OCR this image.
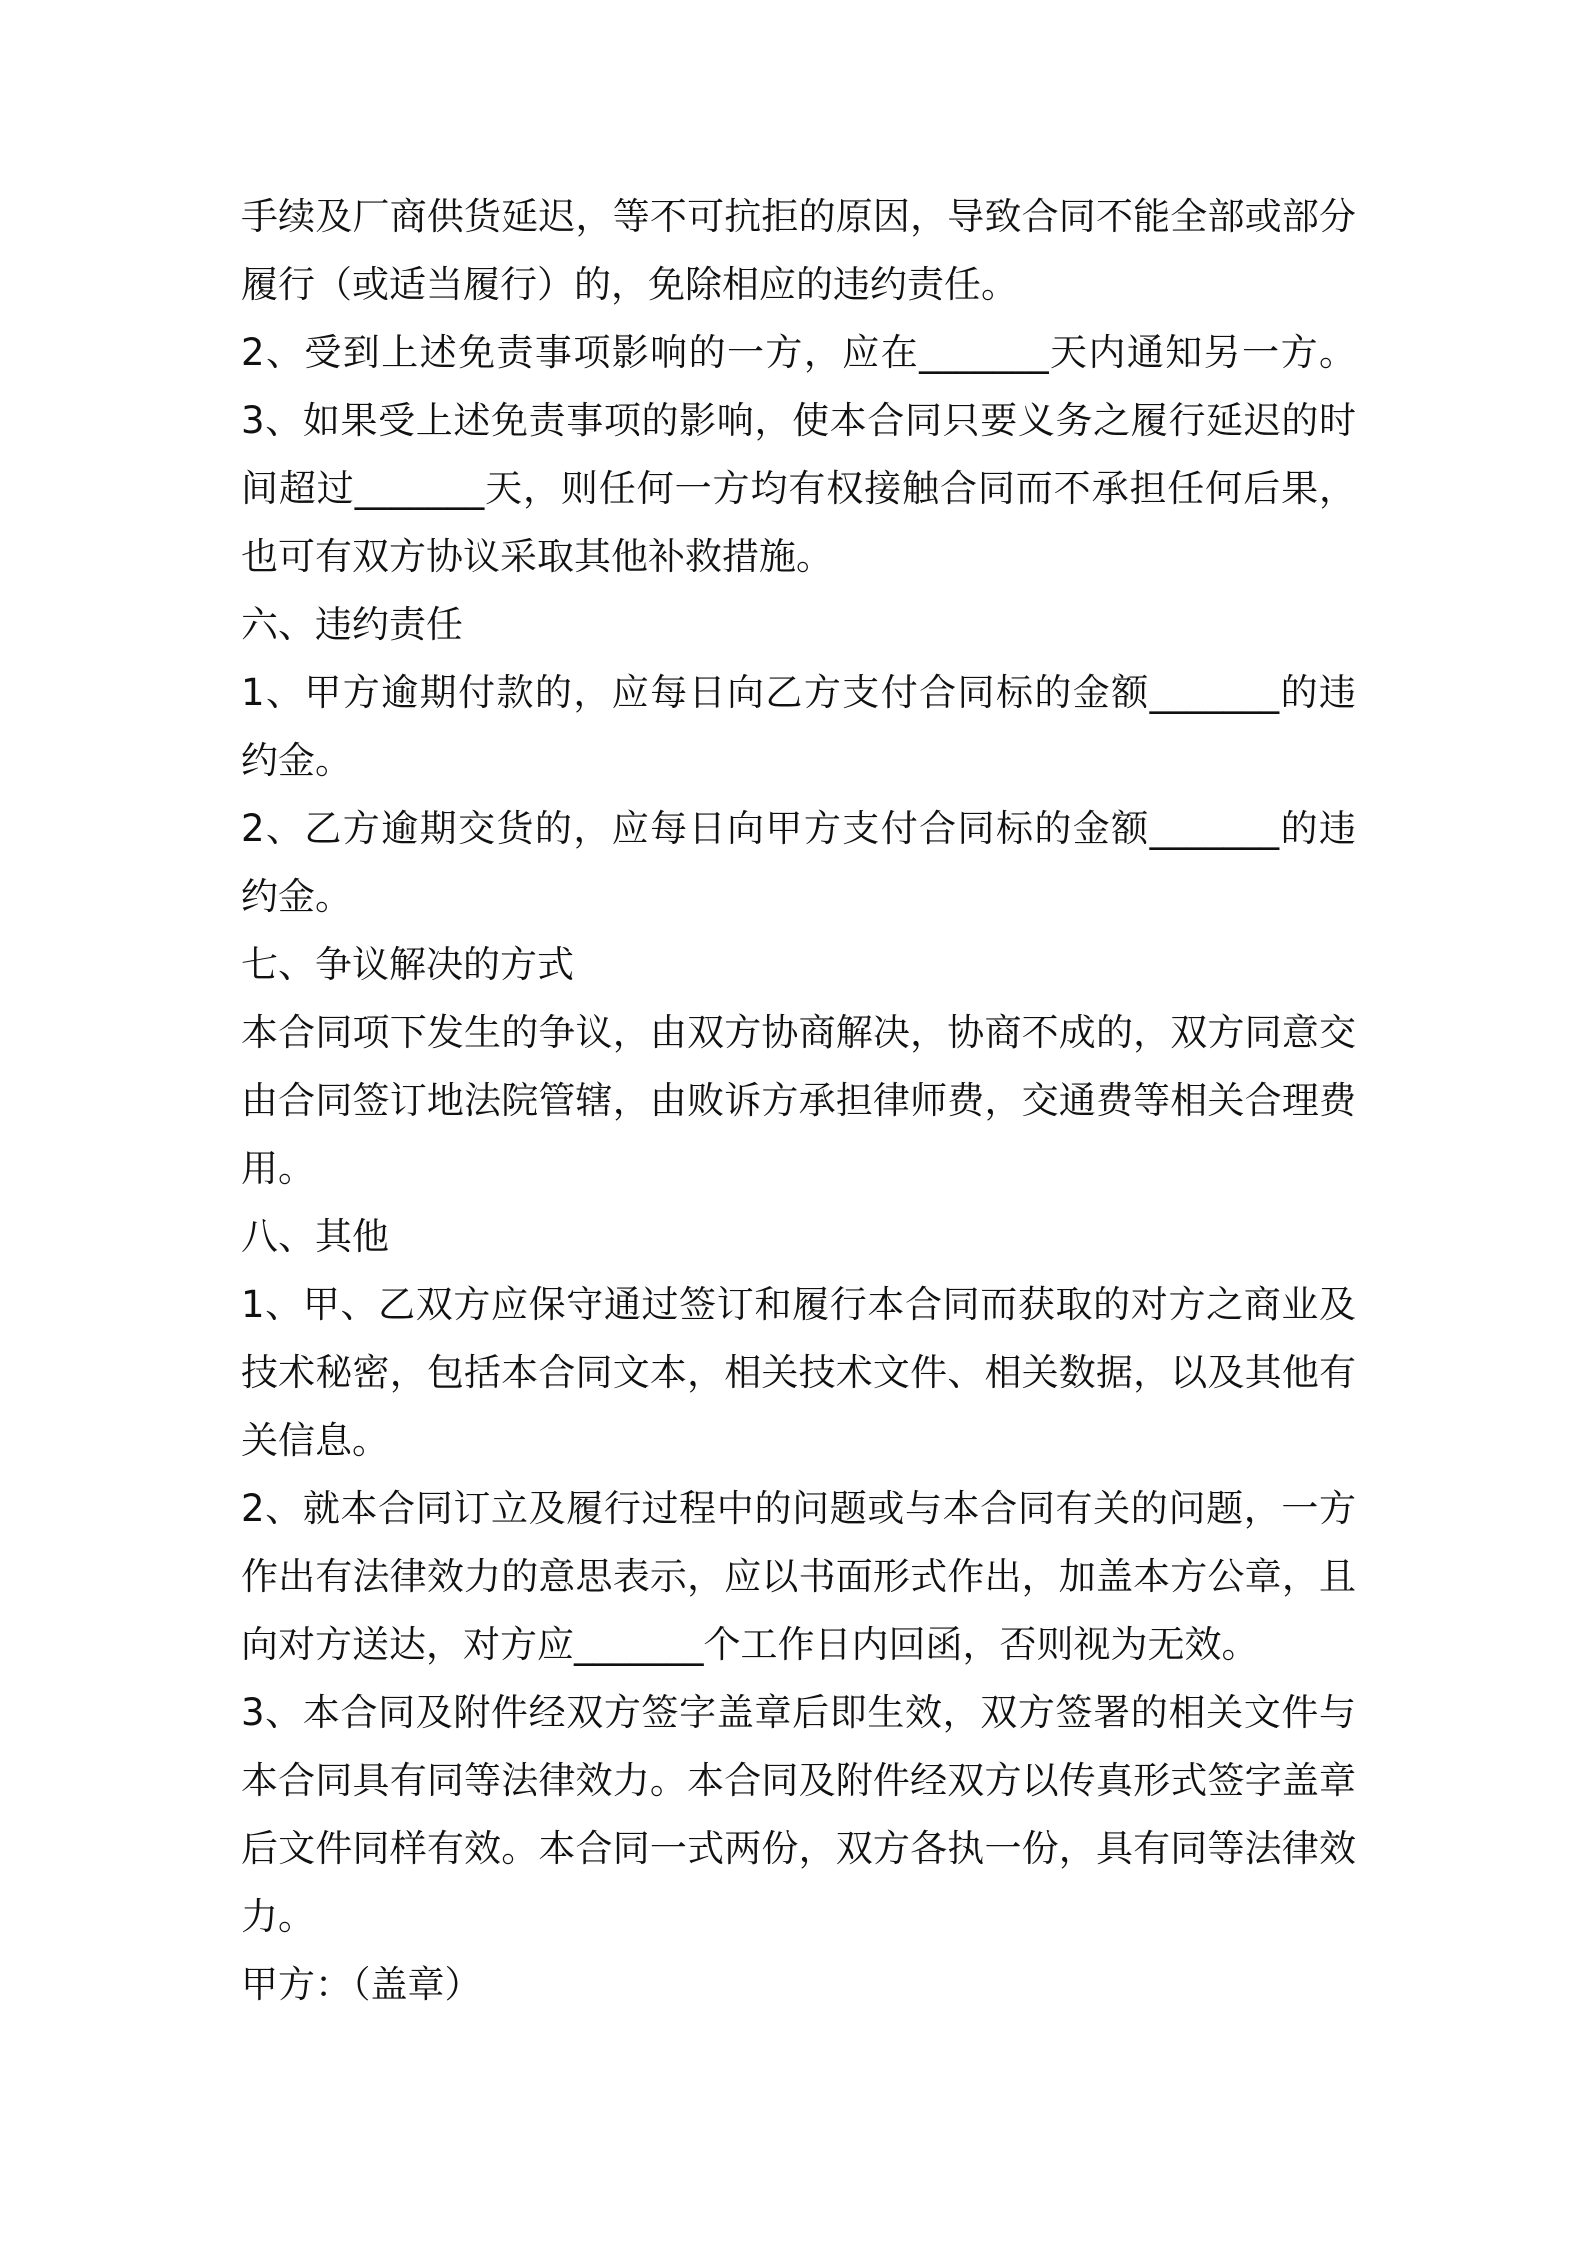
手续及厂商供货延迟，等不可抗拒的原因，导致合同不能全部或部分
履行（或适当履行）的，免除相应的违约责任。
2、受到上述免责事项影响的一方，应在_______天内通知另一方。
3、如果受上述免责事项的影响，使本合同只要义务之履行延迟的时
间超过_______天，则任何一方均有权接触合同而不承担任何后果，
也可有双方协议采取其他补救措施。
六、违约责任
1、甲方逾期付款的，应每日向乙方支付合同标的金额_______的违
约金。
2、乙方逾期交货的，应每日向甲方支付合同标的金额_______的违
约金。
七、争议解决的方式
本合同项下发生的争议，由双方协商解决，协商不成的，双方同意交
由合同签订地法院管辖，由败诉方承担律师费，交通费等相关合理费
用。
八、其他
1、甲、乙双方应保守通过签订和履行本合同而获取的对方之商业及
技术秘密，包括本合同文本，相关技术文件、相关数据，以及其他有
关信息。
2、就本合同订立及履行过程中的问题或与本合同有关的问题，一方
作出有法律效力的意思表示，应以书面形式作出，加盖本方公章，且
向对方送达，对方应_______个工作日内回函，否则视为无效。
3、本合同及附件经双方签字盖章后即生效，双方签署的相关文件与
本合同具有同等法律效力。本合同及附件经双方以传真形式签字盖章
后文件同样有效。本合同一式两份，双方各执一份，具有同等法律效
力。
甲方：（盖章）
